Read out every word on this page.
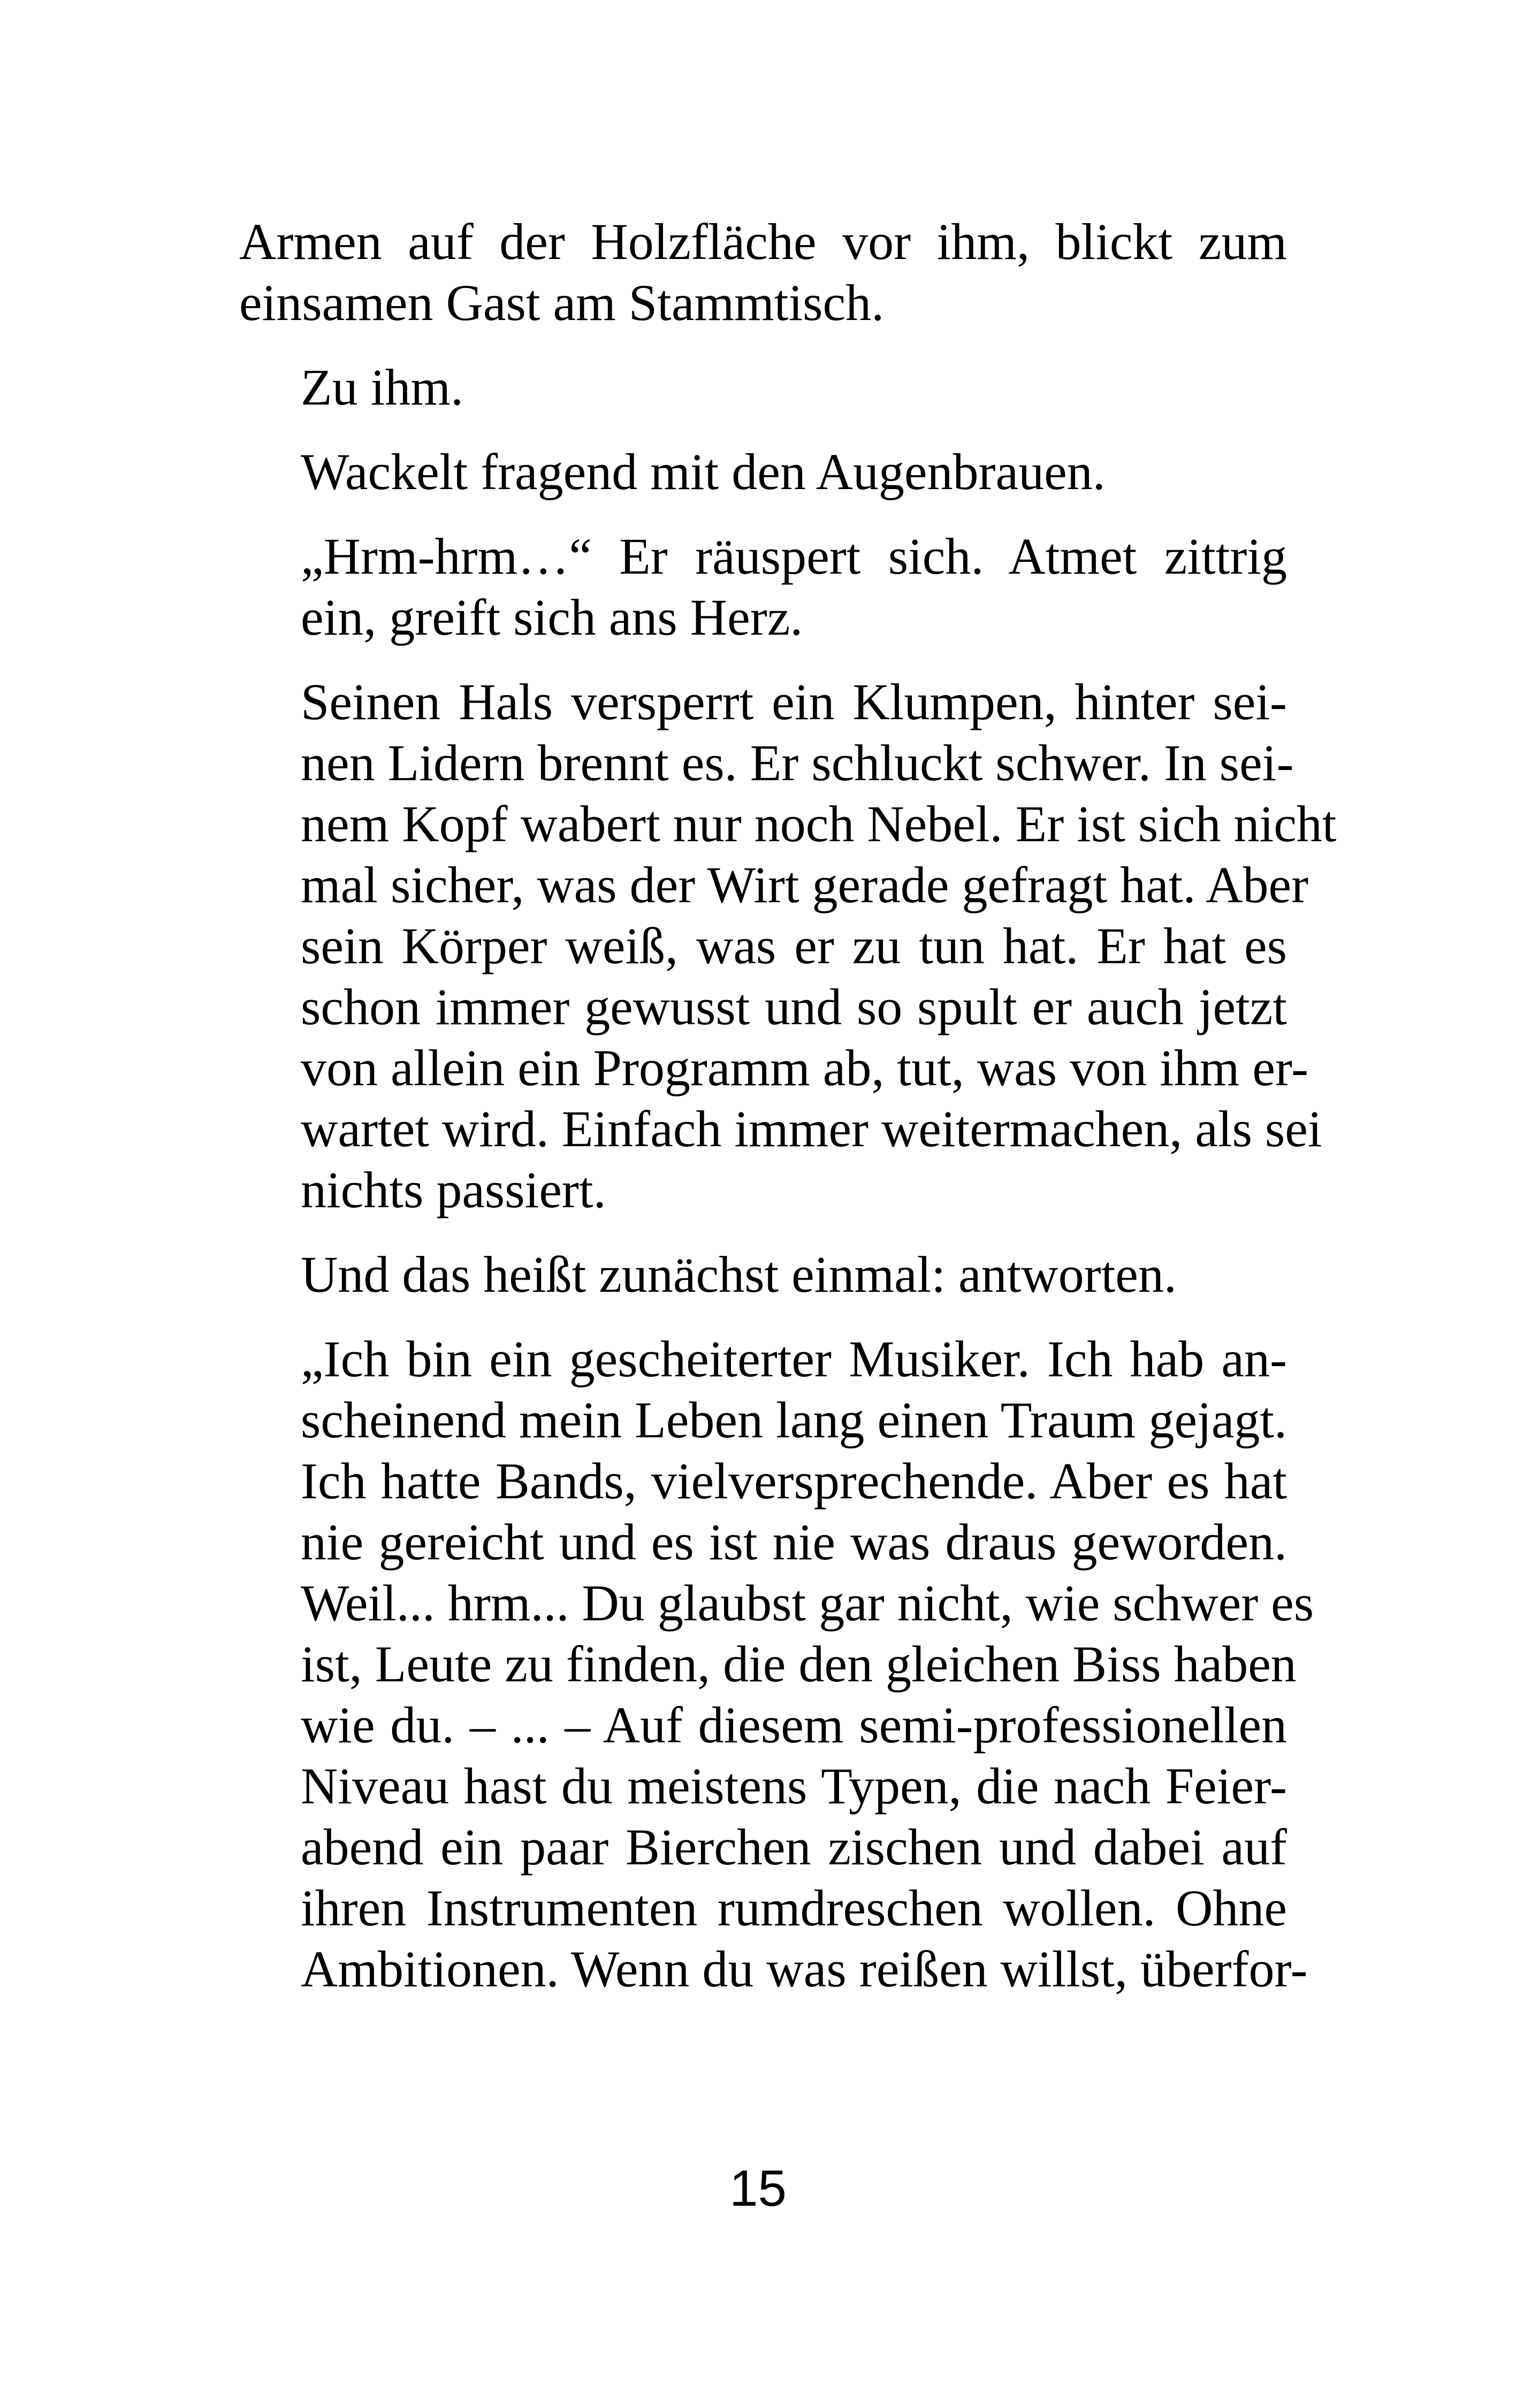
Armen auf der Holzfläche vor ihm, blickt zum
einsamen Gast am Stammtisch.

Zu ihm.

Wackelt fragend mit den Augenbrauen.

„Hrm-hrm…“ Er räuspert sich. Atmet zittrig
ein, greift sich ans Herz.

Seinen Hals versperrt ein Klumpen, hinter sei-
nen Lidern brennt es. Er schluckt schwer. In sei-
nem Kopf wabert nur noch Nebel. Er ist sich nicht
mal sicher, was der Wirt gerade gefragt hat. Aber
sein Körper weiß, was er zu tun hat. Er hat es
schon immer gewusst und so spult er auch jetzt
von allein ein Programm ab, tut, was von ihm er-
wartet wird. Einfach immer weitermachen, als sei
nichts passiert.

Und das heißt zunächst einmal: antworten.

„Ich bin ein gescheiterter Musiker. Ich hab an-
scheinend mein Leben lang einen Traum gejagt.
Ich hatte Bands, vielversprechende. Aber es hat
nie gereicht und es ist nie was draus geworden.
Weil... hrm... Du glaubst gar nicht, wie schwer es
ist, Leute zu finden, die den gleichen Biss haben
wie du. – ... – Auf diesem semi-professionellen
Niveau hast du meistens Typen, die nach Feier-
abend ein paar Bierchen zischen und dabei auf
ihren Instrumenten rumdreschen wollen. Ohne
Ambitionen. Wenn du was reißen willst, überfor-

15
